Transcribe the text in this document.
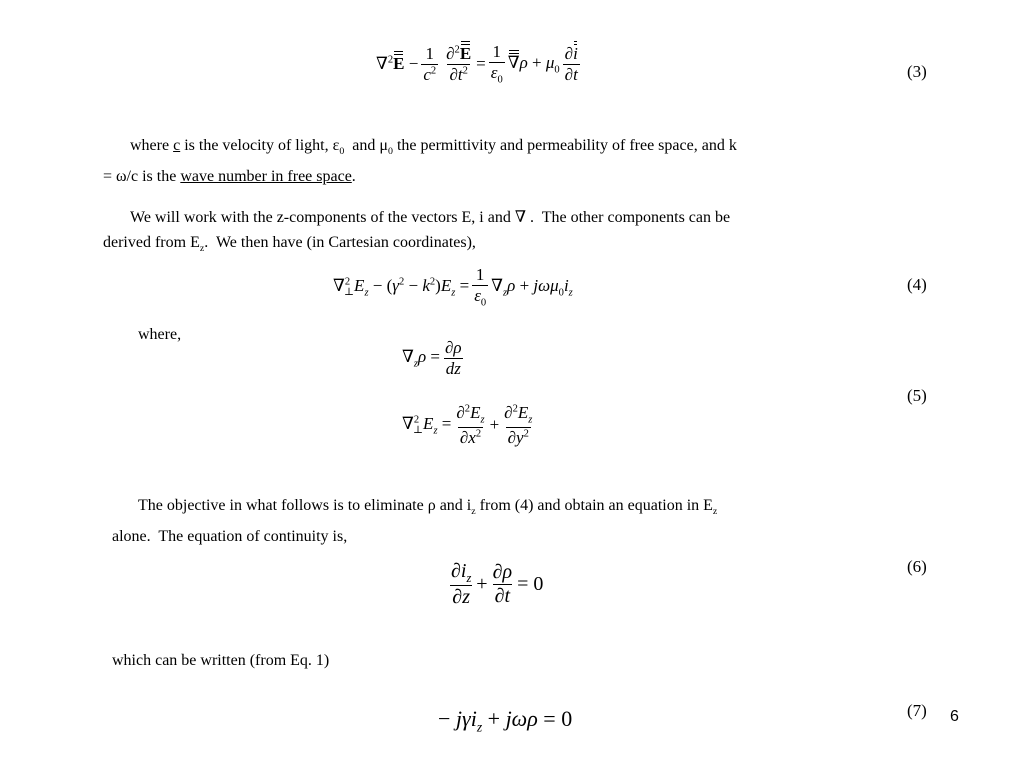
∇$^2$ $E - \frac{1}{c^2} \frac{\partial^2E}{\partial t^2} = \frac{1}{\varepsilon_0} \nabla\rho + \mu_0 \frac{\partial i}{\partial t}$	(3)
where c is the velocity of light, $\varepsilon_0$  and $\mu_0$ the permittivity and permeability of free space, and k
= ω/c is the wave number in free space.
We will work with the z-components of the vectors E, i and ∇ .  The other components can be
derived from $E_z$.  We then have (in Cartesian coordinates),
$\nabla^2_\perp E_z - (\gamma^2 - k^2)E_z = \frac{1}{\varepsilon_0} \nabla_z\rho + j\omega\mu_0i_z$	(4)
where,
$\nabla_z\rho = \frac{\partial\rho}{dz}$
$\nabla^2_\perp E_z = \frac{\partial^2E_z}{\partial x^2} + \frac{\partial^2E_z}{\partial y^2}$
(5)
The objective in what follows is to eliminate ρ and $i_z$ from (4) and obtain an equation in $E_z$
alone.  The equation of continuity is,
$\frac{\partial i_z}{\partial z} + \frac{\partial\rho}{\partial t} = 0$
(6)
which can be written (from Eq. 1)
− jγi$_z$ + jωρ = 0	(7) 6
